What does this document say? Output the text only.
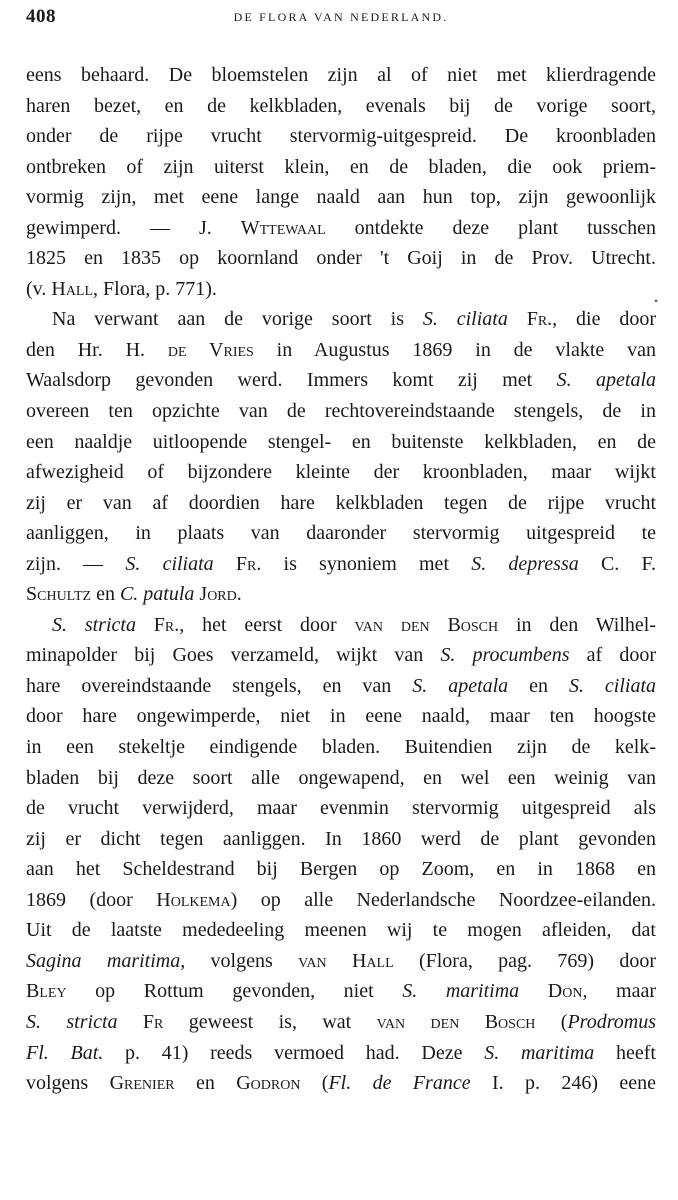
408	DE FLORA VAN NEDERLAND.
•
eens behaard. De bloemstelen zijn al of niet met klierdragende
haren bezet, en de kelkbladen, evenals bij de vorige soort,
onder de rijpe vrucht stervormig-uitgespreid. De kroonbladen
ontbreken of zijn uiterst klein, en de bladen, die ook priem-
vormig zijn, met eene lange naald aan hun top, zijn gewoonlijk
gewimperd. — J. Wttewaal ontdekte deze plant tusschen
1825 en 1835 op koornland onder 't Goij in de Prov. Utrecht.
(v. Hall, Flora, p. 771).
Na verwant aan de vorige soort is S. ciliata Fr., die door
den Hr. H. de Vries in Augustus 1869 in de vlakte van
Waalsdorp gevonden werd. Immers komt zij met S. apetala
overeen ten opzichte van de rechtovereindstaande stengels, de in
een naaldje uitloopende stengel- en buitenste kelkbladen, en de
afwezigheid of bijzondere kleinte der kroonbladen, maar wijkt
zij er van af doordien hare kelkbladen tegen de rijpe vrucht
aanliggen, in plaats van daaronder stervormig uitgespreid te
zijn. — S. ciliata Fr. is synoniem met S. depressa C. F.
Schultz en C. patula Jord.
S. stricta Fr., het eerst door van den Bosch in den Wilhel-
minapolder bij Goes verzameld, wijkt van S. procumbens af door
hare overeindstaande stengels, en van S. apetala en S. ciliata
door hare ongewimperde, niet in eene naald, maar ten hoogste
in een stekeltje eindigende bladen. Buitendien zijn de kelk-
bladen bij deze soort alle ongewapend, en wel een weinig van
de vrucht verwijderd, maar evenmin stervormig uitgespreid als
zij er dicht tegen aanliggen. In 1860 werd de plant gevonden
aan het Scheldestrand bij Bergen op Zoom, en in 1868 en
1869 (door Holkema) op alle Nederlandsche Noordzee-eilanden.
Uit de laatste mededeeling meenen wij te mogen afleiden, dat
Sagina maritima, volgens van Hall (Flora, pag. 769) door
Bley op Rottum gevonden, niet S. maritima Don, maar
S. stricta Fr geweest is, wat van den Bosch (Prodromus
Fl. Bat. p. 41) reeds vermoed had. Deze S. maritima heeft
volgens Grenier en Godron (Fl. de France I. p. 246) eene
